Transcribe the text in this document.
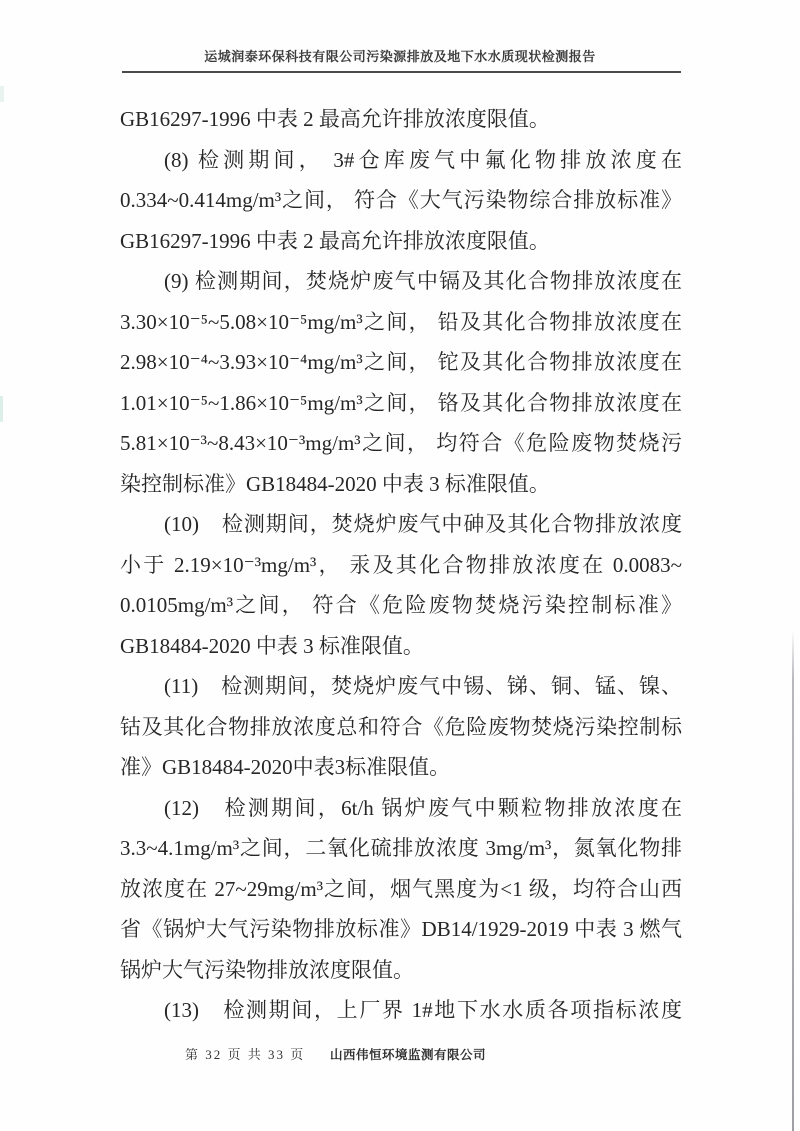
运城润泰环保科技有限公司污染源排放及地下水水质现状检测报告
GB16297-1996 中表 2 最高允许排放浓度限值。
(8) 检测期间， 3#仓库废气中氟化物排放浓度在
0.334~0.414mg/m³之间， 符合《大气污染物综合排放标准》
GB16297-1996 中表 2 最高允许排放浓度限值。
(9) 检测期间，焚烧炉废气中镉及其化合物排放浓度在
3.30×10⁻⁵~5.08×10⁻⁵mg/m³之间， 铅及其化合物排放浓度在
2.98×10⁻⁴~3.93×10⁻⁴mg/m³之间， 铊及其化合物排放浓度在
1.01×10⁻⁵~1.86×10⁻⁵mg/m³之间， 铬及其化合物排放浓度在
5.81×10⁻³~8.43×10⁻³mg/m³之间， 均符合《危险废物焚烧污
染控制标准》GB18484-2020 中表 3 标准限值。
(10)　检测期间，焚烧炉废气中砷及其化合物排放浓度
小于 2.19×10⁻³mg/m³， 汞及其化合物排放浓度在 0.0083~
0.0105mg/m³之间， 符合《危险废物焚烧污染控制标准》
GB18484-2020 中表 3 标准限值。
(11)　检测期间，焚烧炉废气中锡、锑、铜、锰、镍、
钴及其化合物排放浓度总和符合《危险废物焚烧污染控制标
准》GB18484-2020中表3标准限值。
(12)　检测期间，6t/h 锅炉废气中颗粒物排放浓度在
3.3~4.1mg/m³之间，二氧化硫排放浓度 3mg/m³，氮氧化物排
放浓度在 27~29mg/m³之间，烟气黑度为<1 级，均符合山西
省《锅炉大气污染物排放标准》DB14/1929-2019 中表 3 燃气
锅炉大气污染物排放浓度限值。
(13)　检测期间，上厂界 1#地下水水质各项指标浓度
第 32 页 共 33 页 山西伟恒环境监测有限公司
